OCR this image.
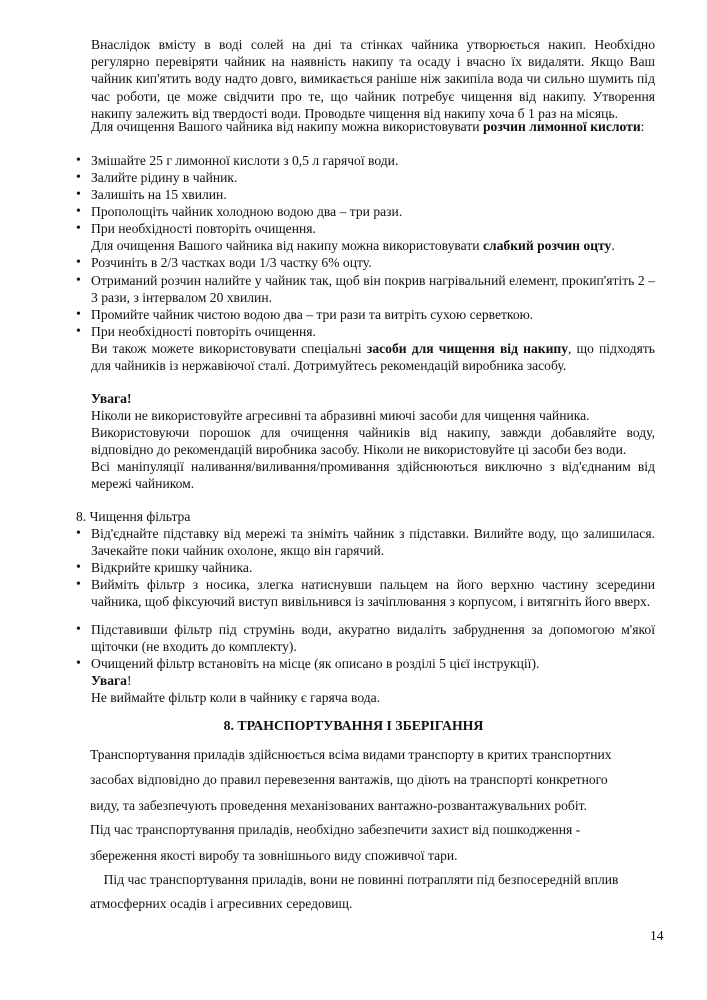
Внаслідок вмісту в воді солей на дні та стінках чайника утворюється накип. Необхідно регулярно перевіряти чайник на наявність накипу та осаду і вчасно їх видаляти. Якщо Ваш чайник кип'ятить воду надто довго, вимикається раніше ніж закипіла вода чи сильно шумить під час роботи, це може свідчити про те, що чайник потребує чищення від накипу. Утворення накипу залежить від твердості води. Проводьте чищення від накипу хоча б 1 раз на місяць.

Для очищення Вашого чайника від накипу можна використовувати розчин лимонної кислоти:

• Змішайте 25 г лимонної кислоти з 0,5 л гарячої води.

• Залийте рідину в чайник.

• Залишіть на 15 хвилин.

• Прополощіть чайник холодною водою два – три рази.

• При необхідності повторіть очищення.

Для очищення Вашого чайника від накипу можна використовувати слабкий розчин оцту.

• Розчиніть в 2/3 частках води 1/3 частку 6% оцту.

• Отриманий розчин налийте у чайник так, щоб він покрив нагрівальний елемент, прокип'ятіть 2 – 3 рази, з інтервалом 20 хвилин.

• Промийте чайник чистою водою два – три рази та витріть сухою серветкою.

• При необхідності повторіть очищення.

Ви також можете використовувати спеціальні засоби для чищення від накипу, що підходять для чайників із нержавіючої сталі. Дотримуйтесь рекомендацій виробника засобу.

Увага!

Ніколи не використовуйте агресивні та абразивні миючі засоби для чищення чайника.

Використовуючи порошок для очищення чайників від накипу, завжди добавляйте воду, відповідно до рекомендацій виробника засобу. Ніколи не використовуйте ці засоби без води.

Всі маніпуляції наливання/виливання/промивання здійснюються виключно з від'єднаним від мережі чайником.

8. Чищення фільтра

• Від'єднайте підставку від мережі та зніміть чайник з підставки. Вилийте воду, що залишилася. Зачекайте поки чайник охолоне, якщо він гарячий.

• Відкрийте кришку чайника.

• Вийміть фільтр з носика, злегка натиснувши пальцем на його верхню частину зсередини чайника, щоб фіксуючий виступ вивільнився із зачіплювання з корпусом, і витягніть його вверх.

• Підставивши фільтр під струмінь води, акуратно видаліть забруднення за допомогою м'якої щіточки (не входить до комплекту).

• Очищений фільтр встановіть на місце (як описано в розділі 5 цієї інструкції).

Увага!

Не виймайте фільтр коли в чайнику є гаряча вода.

8. ТРАНСПОРТУВАННЯ І ЗБЕРІГАННЯ
Транспортування приладів здійснюється всіма видами транспорту в критих транспортних
засобах відповідно до правил перевезення вантажів, що діють на транспорті конкретного
виду, та забезпечують проведення механізованих вантажно-розвантажувальних робіт.
Під час транспортування приладів, необхідно забезпечити захист від пошкодження -
збереження якості виробу та зовнішнього виду споживчої тари.
Під час транспортування приладів, вони не повинні потрапляти під безпосередній вплив
атмосферних осадів і агресивних середовищ.
14
